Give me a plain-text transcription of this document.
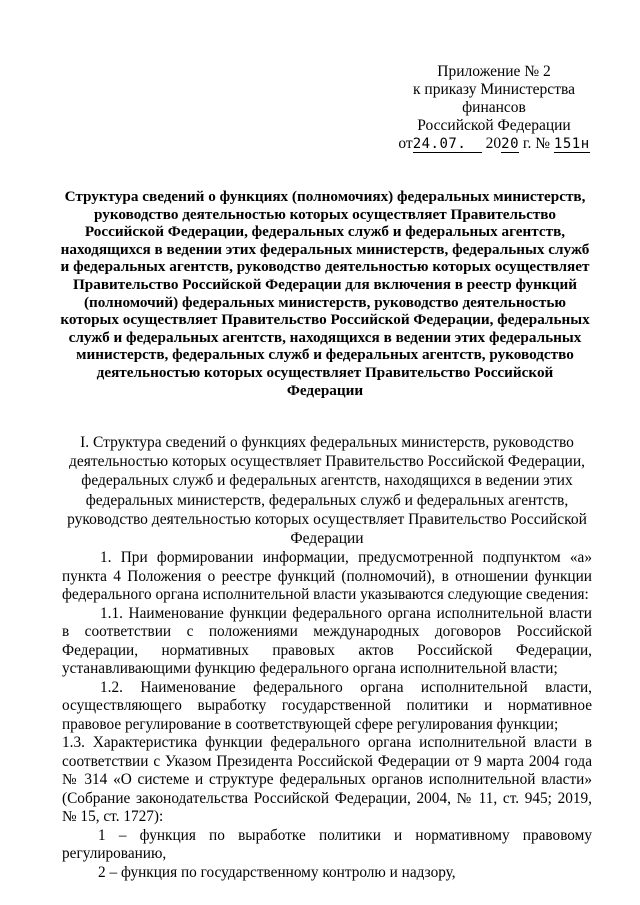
Приложение № 2
к приказу Министерства финансов
Российской Федерации
от24.07. 2020 г. № 151н
Структура сведений о функциях (полномочиях) федеральных министерств, руководство деятельностью которых осуществляет Правительство Российской Федерации, федеральных служб и федеральных агентств, находящихся в ведении этих федеральных министерств, федеральных служб и федеральных агентств, руководство деятельностью которых осуществляет Правительство Российской Федерации для включения в реестр функций (полномочий) федеральных министерств, руководство деятельностью которых осуществляет Правительство Российской Федерации, федеральных служб и федеральных агентств, находящихся в ведении этих федеральных министерств, федеральных служб и федеральных агентств, руководство деятельностью которых осуществляет Правительство Российской Федерации
I. Структура сведений о функциях федеральных министерств, руководство деятельностью которых осуществляет Правительство Российской Федерации, федеральных служб и федеральных агентств, находящихся в ведении этих федеральных министерств, федеральных служб и федеральных агентств, руководство деятельностью которых осуществляет Правительство Российской Федерации

1. При формировании информации, предусмотренной подпунктом «а» пункта 4 Положения о реестре функций (полномочий), в отношении функции федерального органа исполнительной власти указываются следующие сведения:

1.1. Наименование функции федерального органа исполнительной власти в соответствии с положениями международных договоров Российской Федерации, нормативных правовых актов Российской Федерации, устанавливающими функцию федерального органа исполнительной власти;

1.2. Наименование федерального органа исполнительной власти, осуществляющего выработку государственной политики и нормативное правовое регулирование в соответствующей сфере регулирования функции;

1.3. Характеристика функции федерального органа исполнительной власти в соответствии с Указом Президента Российской Федерации от 9 марта 2004 года № 314 «О системе и структуре федеральных органов исполнительной власти» (Собрание законодательства Российской Федерации, 2004, № 11, ст. 945; 2019, № 15, ст. 1727):

1 – функция по выработке политики и нормативному правовому регулированию,

2 – функция по государственному контролю и надзору,
